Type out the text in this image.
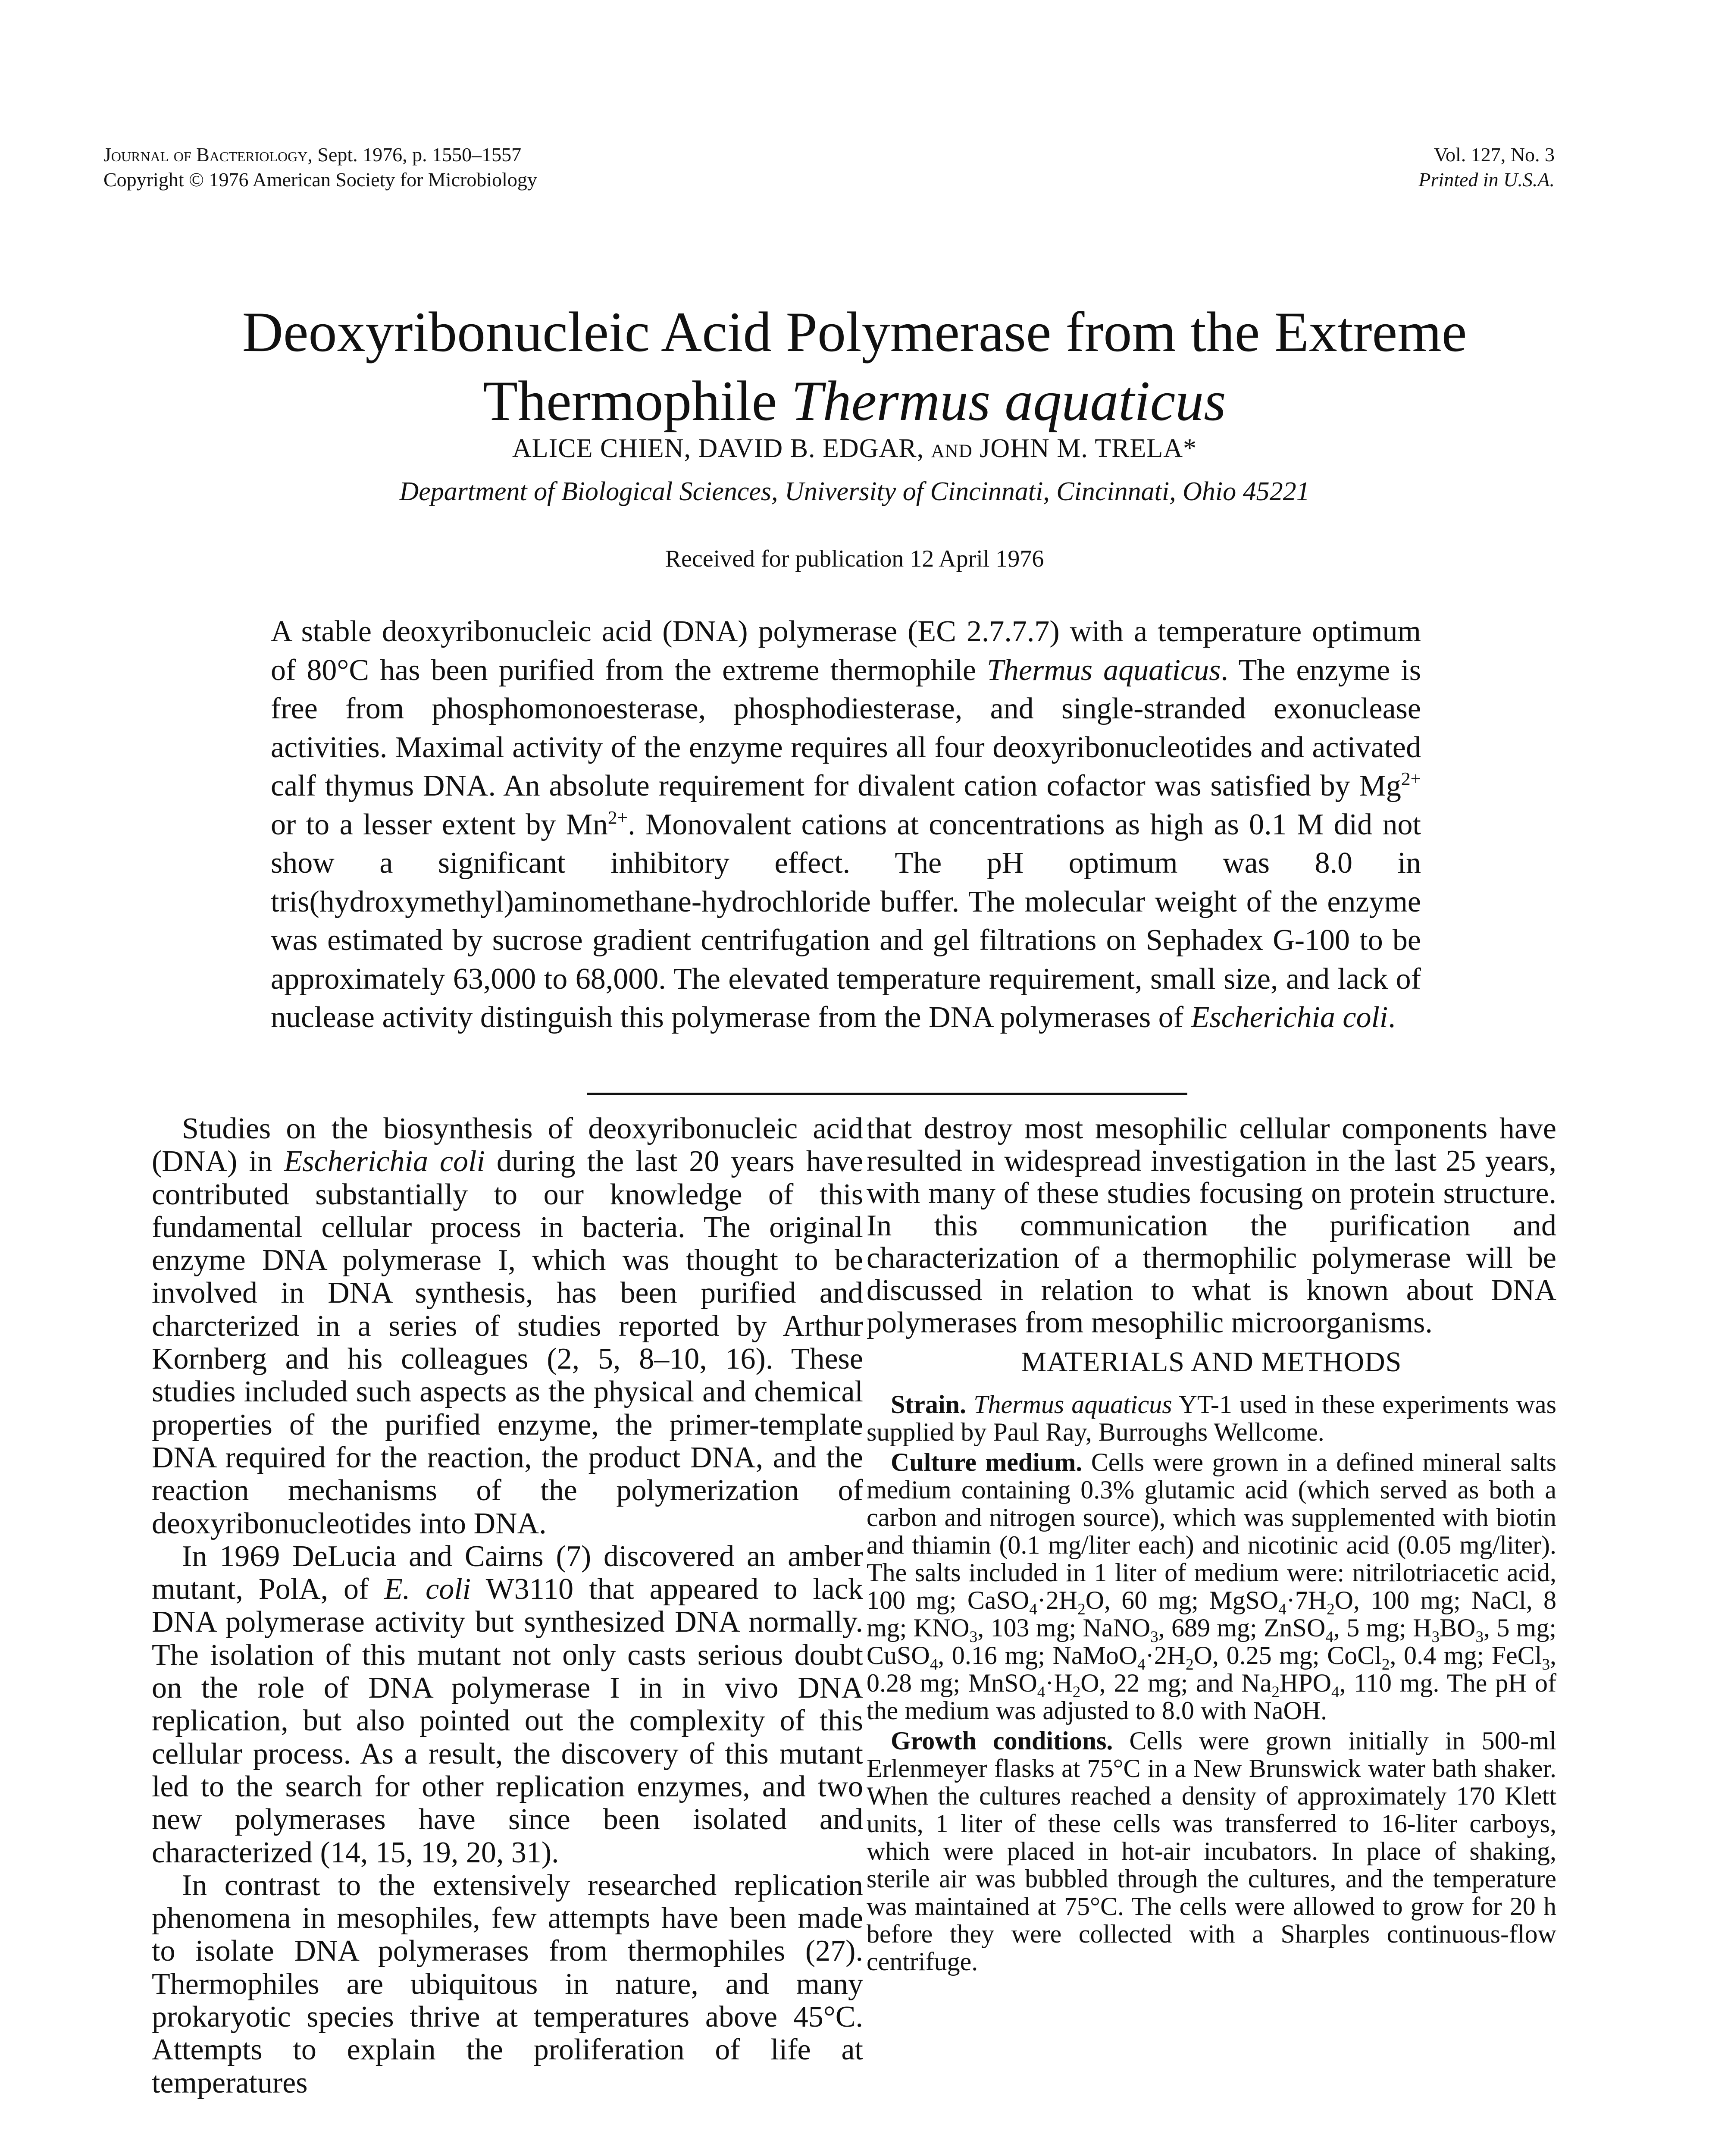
Journal of Bacteriology, Sept. 1976, p. 1550–1557
Copyright © 1976 American Society for Microbiology
Vol. 127, No. 3
Printed in U.S.A.
Deoxyribonucleic Acid Polymerase from the Extreme
Thermophile Thermus aquaticus
ALICE CHIEN, DAVID B. EDGAR, and JOHN M. TRELA*
Department of Biological Sciences, University of Cincinnati, Cincinnati, Ohio 45221
Received for publication 12 April 1976
A stable deoxyribonucleic acid (DNA) polymerase (EC 2.7.7.7) with a temperature optimum of 80°C has been purified from the extreme thermophile Thermus aquaticus. The enzyme is free from phosphomonoesterase, phosphodiesterase, and single-stranded exonuclease activities. Maximal activity of the enzyme requires all four deoxyribonucleotides and activated calf thymus DNA. An absolute requirement for divalent cation cofactor was satisfied by $Mg^{2+}$ or to a lesser extent by $Mn^{2+}$. Monovalent cations at concentrations as high as 0.1 M did not show a significant inhibitory effect. The pH optimum was 8.0 in tris(hydroxymethyl)aminomethane-hydrochloride buffer. The molecular weight of the enzyme was estimated by sucrose gradient centrifugation and gel filtrations on Sephadex G-100 to be approximately 63,000 to 68,000. The elevated temperature requirement, small size, and lack of nuclease activity distinguish this polymerase from the DNA polymerases of Escherichia coli.

Studies on the biosynthesis of deoxyribonucleic acid (DNA) in Escherichia coli during the last 20 years have contributed substantially to our knowledge of this fundamental cellular process in bacteria. The original enzyme DNA polymerase I, which was thought to be involved in DNA synthesis, has been purified and charcterized in a series of studies reported by Arthur Kornberg and his colleagues (2, 5, 8–10, 16). These studies included such aspects as the physical and chemical properties of the purified enzyme, the primer-template DNA required for the reaction, the product DNA, and the reaction mechanisms of the polymerization of deoxyribonucleotides into DNA.

In 1969 DeLucia and Cairns (7) discovered an amber mutant, PolA, of E. coli W3110 that appeared to lack DNA polymerase activity but synthesized DNA normally. The isolation of this mutant not only casts serious doubt on the role of DNA polymerase I in in vivo DNA replication, but also pointed out the complexity of this cellular process. As a result, the discovery of this mutant led to the search for other replication enzymes, and two new polymerases have since been isolated and characterized (14, 15, 19, 20, 31).

In contrast to the extensively researched replication phenomena in mesophiles, few attempts have been made to isolate DNA polymerases from thermophiles (27). Thermophiles are ubiquitous in nature, and many prokaryotic species thrive at temperatures above 45°C. Attempts to explain the proliferation of life at temperatures

that destroy most mesophilic cellular components have resulted in widespread investigation in the last 25 years, with many of these studies focusing on protein structure. In this communication the purification and characterization of a thermophilic polymerase will be discussed in relation to what is known about DNA polymerases from mesophilic microorganisms.

MATERIALS AND METHODS

Strain. Thermus aquaticus YT-1 used in these experiments was supplied by Paul Ray, Burroughs Wellcome.

Culture medium. Cells were grown in a defined mineral salts medium containing 0.3% glutamic acid (which served as both a carbon and nitrogen source), which was supplemented with biotin and thiamin (0.1 mg/liter each) and nicotinic acid (0.05 mg/liter). The salts included in 1 liter of medium were: nitrilotriacetic acid, 100 mg; $CaSO_4\cdot 2H_2O$, 60 mg; $MgSO_4\cdot 7H_2O$, 100 mg; NaCl, 8 mg; $KNO_3$, 103 mg; NaNO$_3$, 689 mg; ZnSO$_4$, 5 mg; $H_3BO_3$, 5 mg; CuSO$_4$, 0.16 mg; $NaMoO_4\cdot 2H_2O$, 0.25 mg; CoCl$_2$, 0.4 mg; FeCl$_3$, 0.28 mg; $MnSO_4\cdot H_2O$, 22 mg; and $Na_2HPO_4$, 110 mg. The pH of the medium was adjusted to 8.0 with NaOH.

Growth conditions. Cells were grown initially in 500-ml Erlenmeyer flasks at 75°C in a New Brunswick water bath shaker. When the cultures reached a density of approximately 170 Klett units, 1 liter of these cells was transferred to 16-liter carboys, which were placed in hot-air incubators. In place of shaking, sterile air was bubbled through the cultures, and the temperature was maintained at 75°C. The cells were allowed to grow for 20 h before they were collected with a Sharples continuous-flow centrifuge.
